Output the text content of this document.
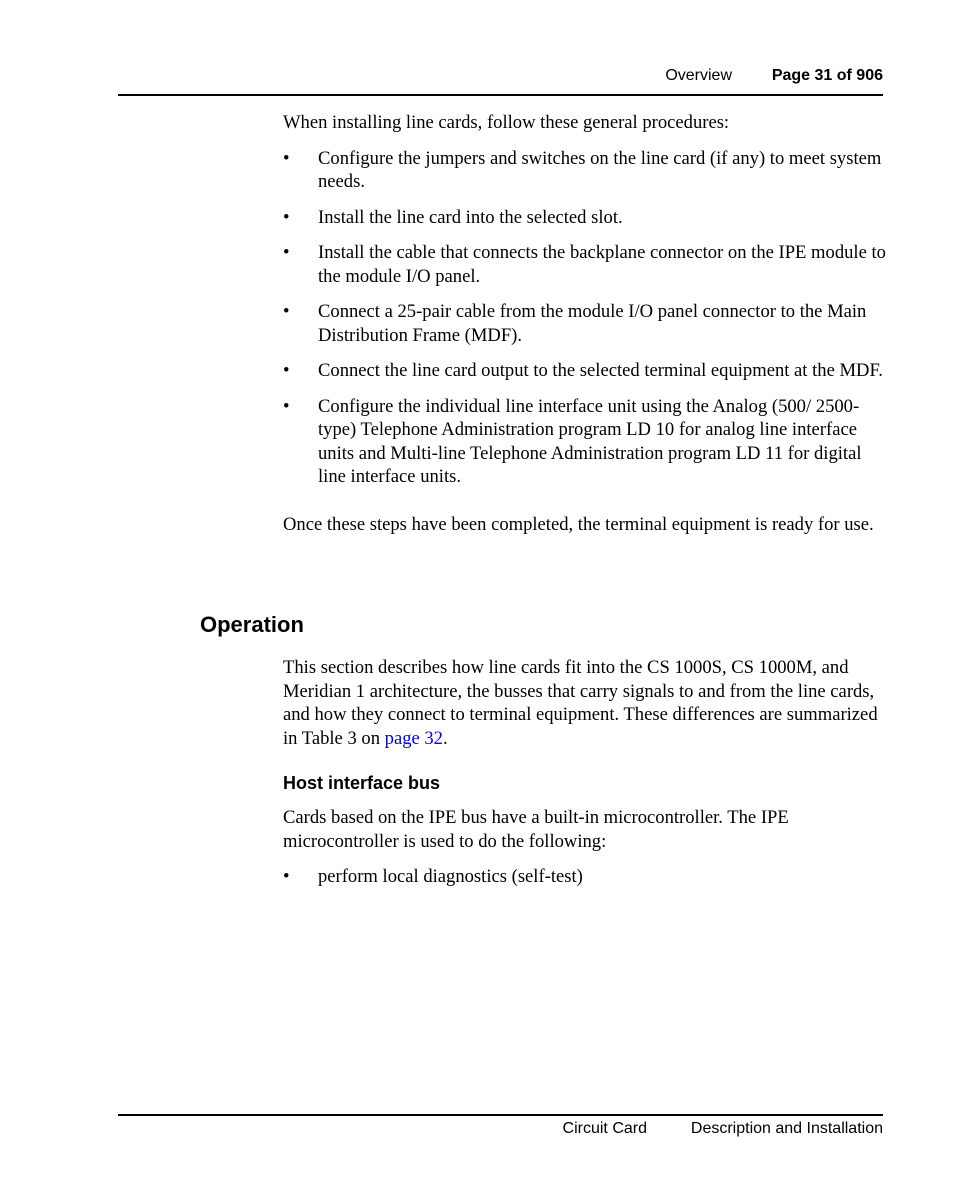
Overview Page 31 of 906

When installing line cards, follow these general procedures:

• Configure the jumpers and switches on the line card (if any) to meet system needs.
• Install the line card into the selected slot.
• Install the cable that connects the backplane connector on the IPE module to the module I/O panel.
• Connect a 25-pair cable from the module I/O panel connector to the Main Distribution Frame (MDF).
• Connect the line card output to the selected terminal equipment at the MDF.
• Configure the individual line interface unit using the Analog (500/ 2500-type) Telephone Administration program LD 10 for analog line interface units and Multi-line Telephone Administration program LD 11 for digital line interface units.

Once these steps have been completed, the terminal equipment is ready for use.

Operation

This section describes how line cards fit into the CS 1000S, CS 1000M, and Meridian 1 architecture, the busses that carry signals to and from the line cards, and how they connect to terminal equipment. These differences are summarized in Table 3 on page 32.

Host interface bus

Cards based on the IPE bus have a built-in microcontroller. The IPE microcontroller is used to do the following:

• perform local diagnostics (self-test)
Circuit Card	Description and Installation
